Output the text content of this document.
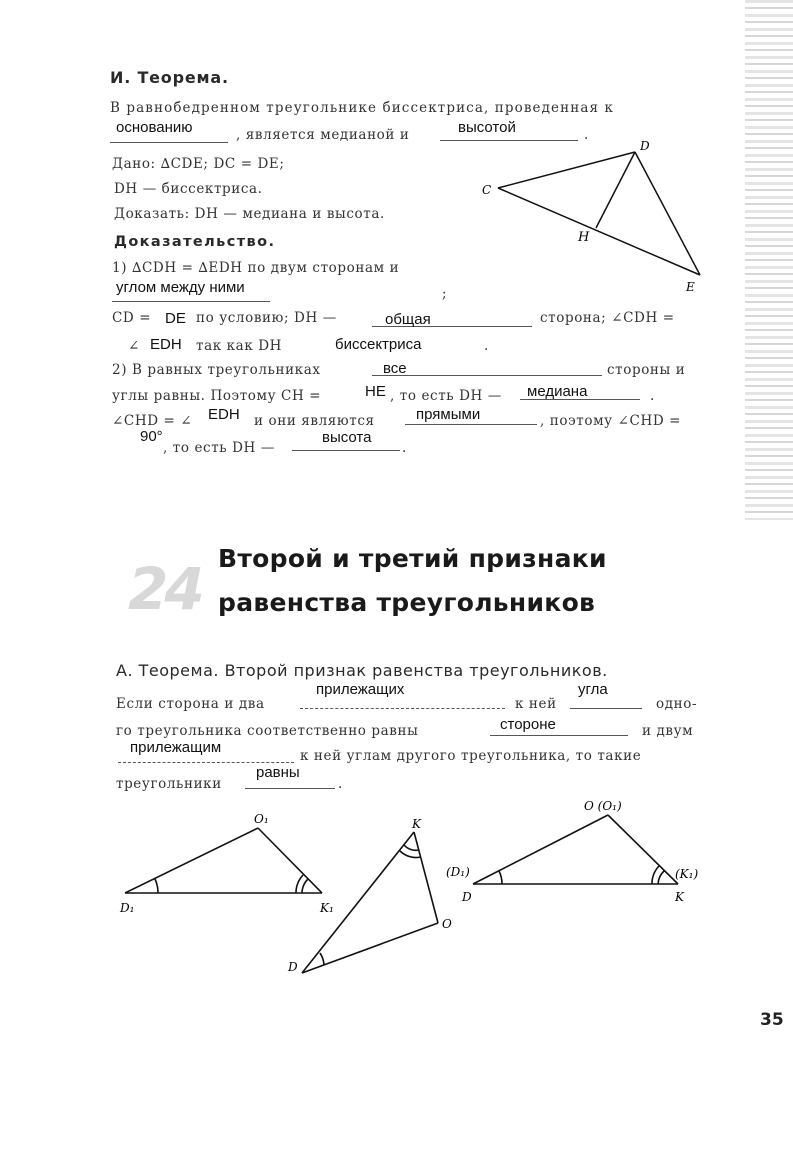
И. Теорема.
В равнобедренном треугольнике биссектриса, проведенная к
основанию	, является медианой и	высотой	.
Дано: ∆CDE; DC = DE;
DH — биссектриса.
Доказать: DH — медиана и высота.
Доказательство.
1) ∆CDH = ∆EDH по двум сторонам и
углом между ними	;
CD = DE по условию; DH —	общая	сторона; ∠CDH =
∠ EDH так как DH	биссектриса	.
2) В равных треугольниках	все	стороны и
углы равны. Поэтому CH =	HE , то есть DH — медиана	.
∠CHD = ∠ EDH и они являются	прямыми	, поэтому ∠CHD =
90°
, то есть DH —
высота
.
D
C
H
E
24 Второй и третий признаки
равенства треугольников
А. Теорема. Второй признак равенства треугольников.
Если сторона и два
прилежащих
к ней
угла
одно-
го треугольника соответственно равны	стороне	и двум
прилежащим	к ней углам другого треугольника, то такие
треугольники
равны
.
O₁
D₁	K₁
K
O
D
O (O₁)
(D₁)	(K₁)
D	K
35
